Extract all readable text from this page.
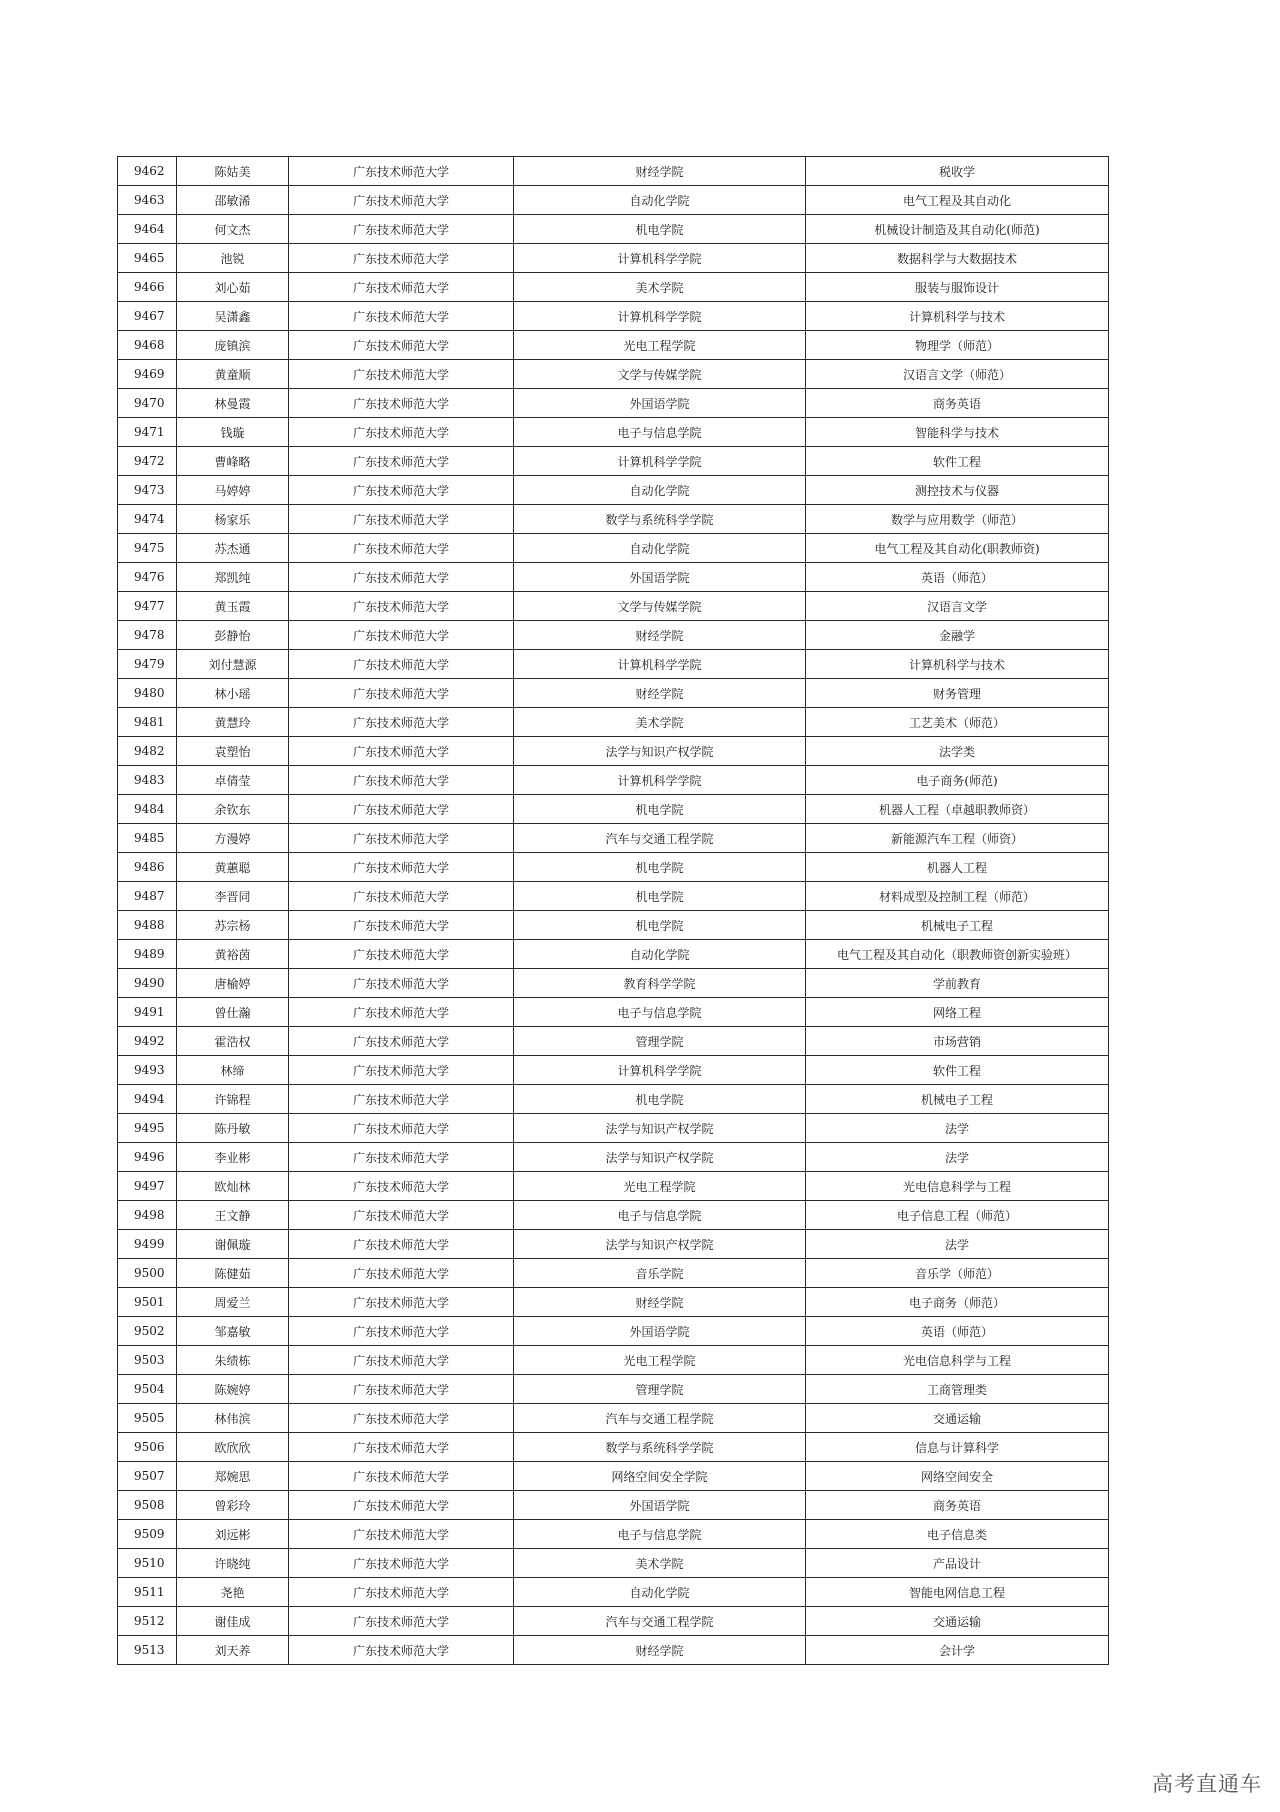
9462	陈姑美	广东技术师范大学	财经学院	税收学
9463	邵敏浠	广东技术师范大学	自动化学院	电气工程及其自动化
9464	何文杰	广东技术师范大学	机电学院	机械设计制造及其自动化(师范)
9465	池锐	广东技术师范大学	计算机科学学院	数据科学与大数据技术
9466	刘心茹	广东技术师范大学	美术学院	服装与服饰设计
9467	吴潇鑫	广东技术师范大学	计算机科学学院	计算机科学与技术
9468	庞镇滨	广东技术师范大学	光电工程学院	物理学（师范）
9469	黄童顺	广东技术师范大学	文学与传媒学院	汉语言文学（师范）
9470	林曼霞	广东技术师范大学	外国语学院	商务英语
9471	钱璇	广东技术师范大学	电子与信息学院	智能科学与技术
9472	曹峰略	广东技术师范大学	计算机科学学院	软件工程
9473	马婷婷	广东技术师范大学	自动化学院	测控技术与仪器
9474	杨家乐	广东技术师范大学	数学与系统科学学院	数学与应用数学（师范）
9475	苏杰通	广东技术师范大学	自动化学院	电气工程及其自动化(职教师资)
9476	郑凯纯	广东技术师范大学	外国语学院	英语（师范）
9477	黄玉霞	广东技术师范大学	文学与传媒学院	汉语言文学
9478	彭静怡	广东技术师范大学	财经学院	金融学
9479	刘付慧源	广东技术师范大学	计算机科学学院	计算机科学与技术
9480	林小瑶	广东技术师范大学	财经学院	财务管理
9481	黄慧玲	广东技术师范大学	美术学院	工艺美术（师范）
9482	袁塑怡	广东技术师范大学	法学与知识产权学院	法学类
9483	卓倩莹	广东技术师范大学	计算机科学学院	电子商务(师范)
9484	余钦东	广东技术师范大学	机电学院	机器人工程（卓越职教师资）
9485	方漫婷	广东技术师范大学	汽车与交通工程学院	新能源汽车工程（师资）
9486	黄蕙聪	广东技术师范大学	机电学院	机器人工程
9487	李晋同	广东技术师范大学	机电学院	材料成型及控制工程（师范）
9488	苏宗杨	广东技术师范大学	机电学院	机械电子工程
9489	黄裕茵	广东技术师范大学	自动化学院	电气工程及其自动化（职教师资创新实验班）
9490	唐榆婷	广东技术师范大学	教育科学学院	学前教育
9491	曾仕瀚	广东技术师范大学	电子与信息学院	网络工程
9492	霍浩权	广东技术师范大学	管理学院	市场营销
9493	林缔	广东技术师范大学	计算机科学学院	软件工程
9494	许锦程	广东技术师范大学	机电学院	机械电子工程
9495	陈丹敏	广东技术师范大学	法学与知识产权学院	法学
9496	李业彬	广东技术师范大学	法学与知识产权学院	法学
9497	欧灿林	广东技术师范大学	光电工程学院	光电信息科学与工程
9498	王文静	广东技术师范大学	电子与信息学院	电子信息工程（师范）
9499	谢佩璇	广东技术师范大学	法学与知识产权学院	法学
9500	陈健茹	广东技术师范大学	音乐学院	音乐学（师范）
9501	周爱兰	广东技术师范大学	财经学院	电子商务（师范）
9502	邹嘉敏	广东技术师范大学	外国语学院	英语（师范）
9503	朱绩栋	广东技术师范大学	光电工程学院	光电信息科学与工程
9504	陈婉婷	广东技术师范大学	管理学院	工商管理类
9505	林伟滨	广东技术师范大学	汽车与交通工程学院	交通运输
9506	欧欣欣	广东技术师范大学	数学与系统科学学院	信息与计算科学
9507	郑婉思	广东技术师范大学	网络空间安全学院	网络空间安全
9508	曾彩玲	广东技术师范大学	外国语学院	商务英语
9509	刘远彬	广东技术师范大学	电子与信息学院	电子信息类
9510	许晓纯	广东技术师范大学	美术学院	产品设计
9511	尧艳	广东技术师范大学	自动化学院	智能电网信息工程
9512	谢佳成	广东技术师范大学	汽车与交通工程学院	交通运输
9513	刘天养	广东技术师范大学	财经学院	会计学
高考直通车
